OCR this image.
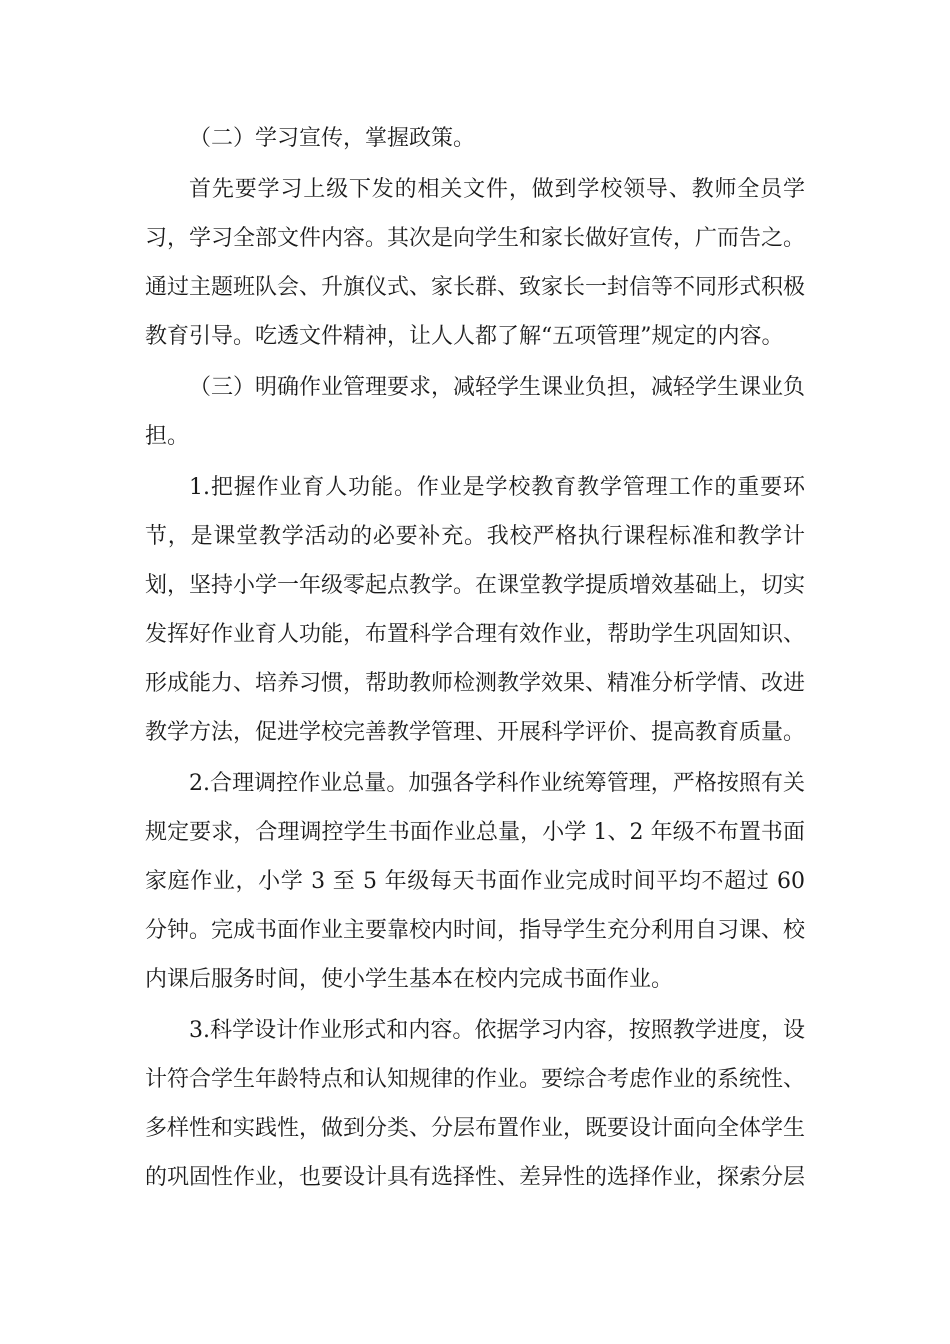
（二）学习宣传，掌握政策。

首先要学习上级下发的相关文件，做到学校领导、教师全员学习，学习全部文件内容。其次是向学生和家长做好宣传，广而告之。通过主题班队会、升旗仪式、家长群、致家长一封信等不同形式积极教育引导。吃透文件精神，让人人都了解“五项管理”规定的内容。

（三）明确作业管理要求，减轻学生课业负担，减轻学生课业负担。

1.把握作业育人功能。作业是学校教育教学管理工作的重要环节，是课堂教学活动的必要补充。我校严格执行课程标准和教学计划，坚持小学一年级零起点教学。在课堂教学提质增效基础上，切实发挥好作业育人功能，布置科学合理有效作业，帮助学生巩固知识、形成能力、培养习惯，帮助教师检测教学效果、精准分析学情、改进教学方法，促进学校完善教学管理、开展科学评价、提高教育质量。

2.合理调控作业总量。加强各学科作业统筹管理，严格按照有关规定要求，合理调控学生书面作业总量，小学 1、2 年级不布置书面家庭作业，小学 3 至 5 年级每天书面作业完成时间平均不超过 60 分钟。完成书面作业主要靠校内时间，指导学生充分利用自习课、校内课后服务时间，使小学生基本在校内完成书面作业。

3.科学设计作业形式和内容。依据学习内容，按照教学进度，设计符合学生年龄特点和认知规律的作业。要综合考虑作业的系统性、多样性和实践性，做到分类、分层布置作业，既要设计面向全体学生的巩固性作业，也要设计具有选择性、差异性的选择作业，探索分层
